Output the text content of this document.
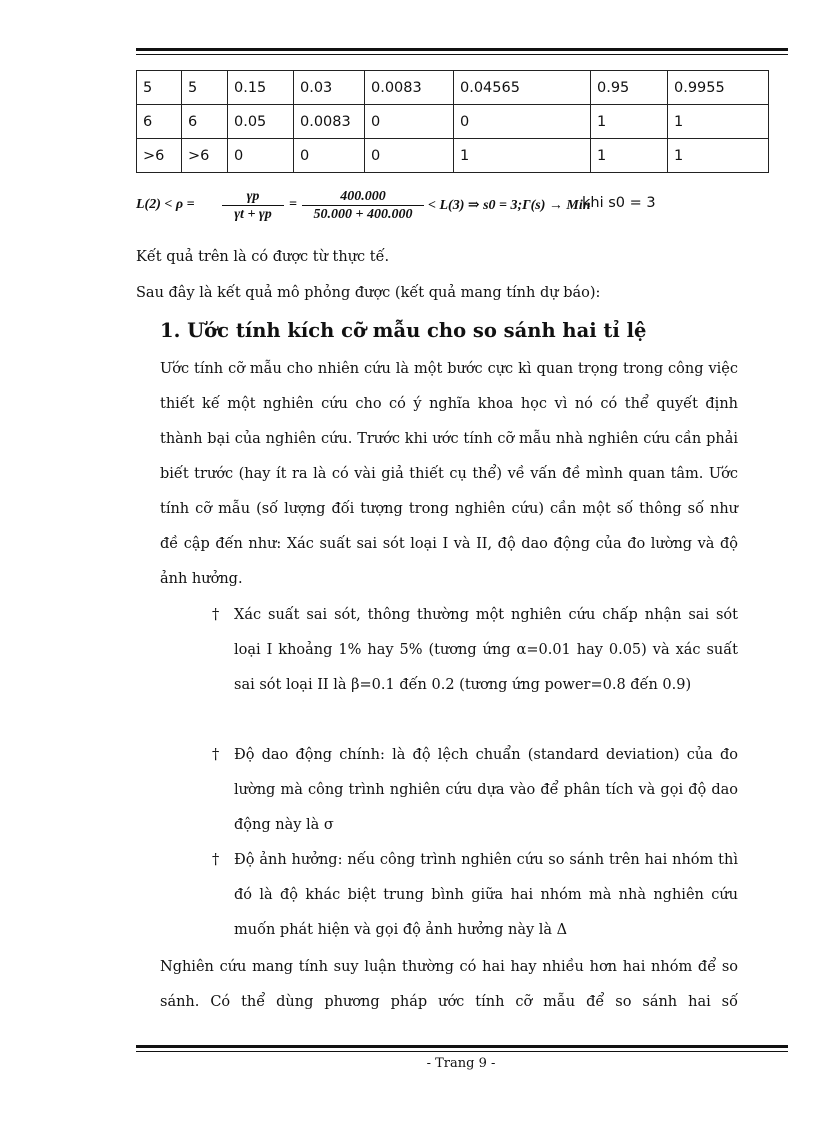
5	5	0.15	0.03	0.0083	0.04565	0.95	0.9955
6	6	0.05	0.0083	0	0	1	1
>6	>6	0	0	0	1	1	1
$L(2) < \rho = \frac{\gamma p}{\gamma t + \gamma p} = \frac{400.000}{50.000 + 400.000} < L(3)$ ⇒ s0 = 3;Γ(s) → Min
khi s0 = 3
Kết quả trên là có được từ thực tế.
Sau đây là kết quả mô phỏng được (kết quả mang tính dự báo):
1. Ước tính kích cỡ mẫu cho so sánh hai tỉ lệ
Ước tính cỡ mẫu cho nhiên cứu là một bước cực kì quan trọng trong công việc thiết kế một nghiên cứu cho có ý nghĩa khoa học vì nó có thể quyết định thành bại của nghiên cứu. Trước khi ước tính cỡ mẫu nhà nghiên cứu cần phải biết trước (hay ít ra là có vài giả thiết cụ thể) về vấn đề mình quan tâm. Ước tính cỡ mẫu (số lượng đối tượng trong nghiên cứu) cần một số thông số như đề cập đến như: Xác suất sai sót loại I và II, độ dao động của đo lường và độ ảnh hưởng.
† Xác suất sai sót, thông thường một nghiên cứu chấp nhận sai sót loại I khoảng 1% hay 5% (tương ứng α=0.01 hay 0.05) và xác suất sai sót loại II là β=0.1 đến 0.2 (tương ứng power=0.8 đến 0.9)
† Độ dao động chính: là độ lệch chuẩn (standard deviation) của đo lường mà công trình nghiên cứu dựa vào để phân tích và gọi độ dao động này là σ
† Độ ảnh hưởng: nếu công trình nghiên cứu so sánh trên hai nhóm thì đó là độ khác biệt trung bình giữa hai nhóm mà nhà nghiên cứu muốn phát hiện và gọi độ ảnh hưởng này là Δ
Nghiên cứu mang tính suy luận thường có hai hay nhiều hơn hai nhóm để so sánh. Có thể dùng phương pháp ước tính cỡ mẫu để so sánh hai số
- Trang 9 -
